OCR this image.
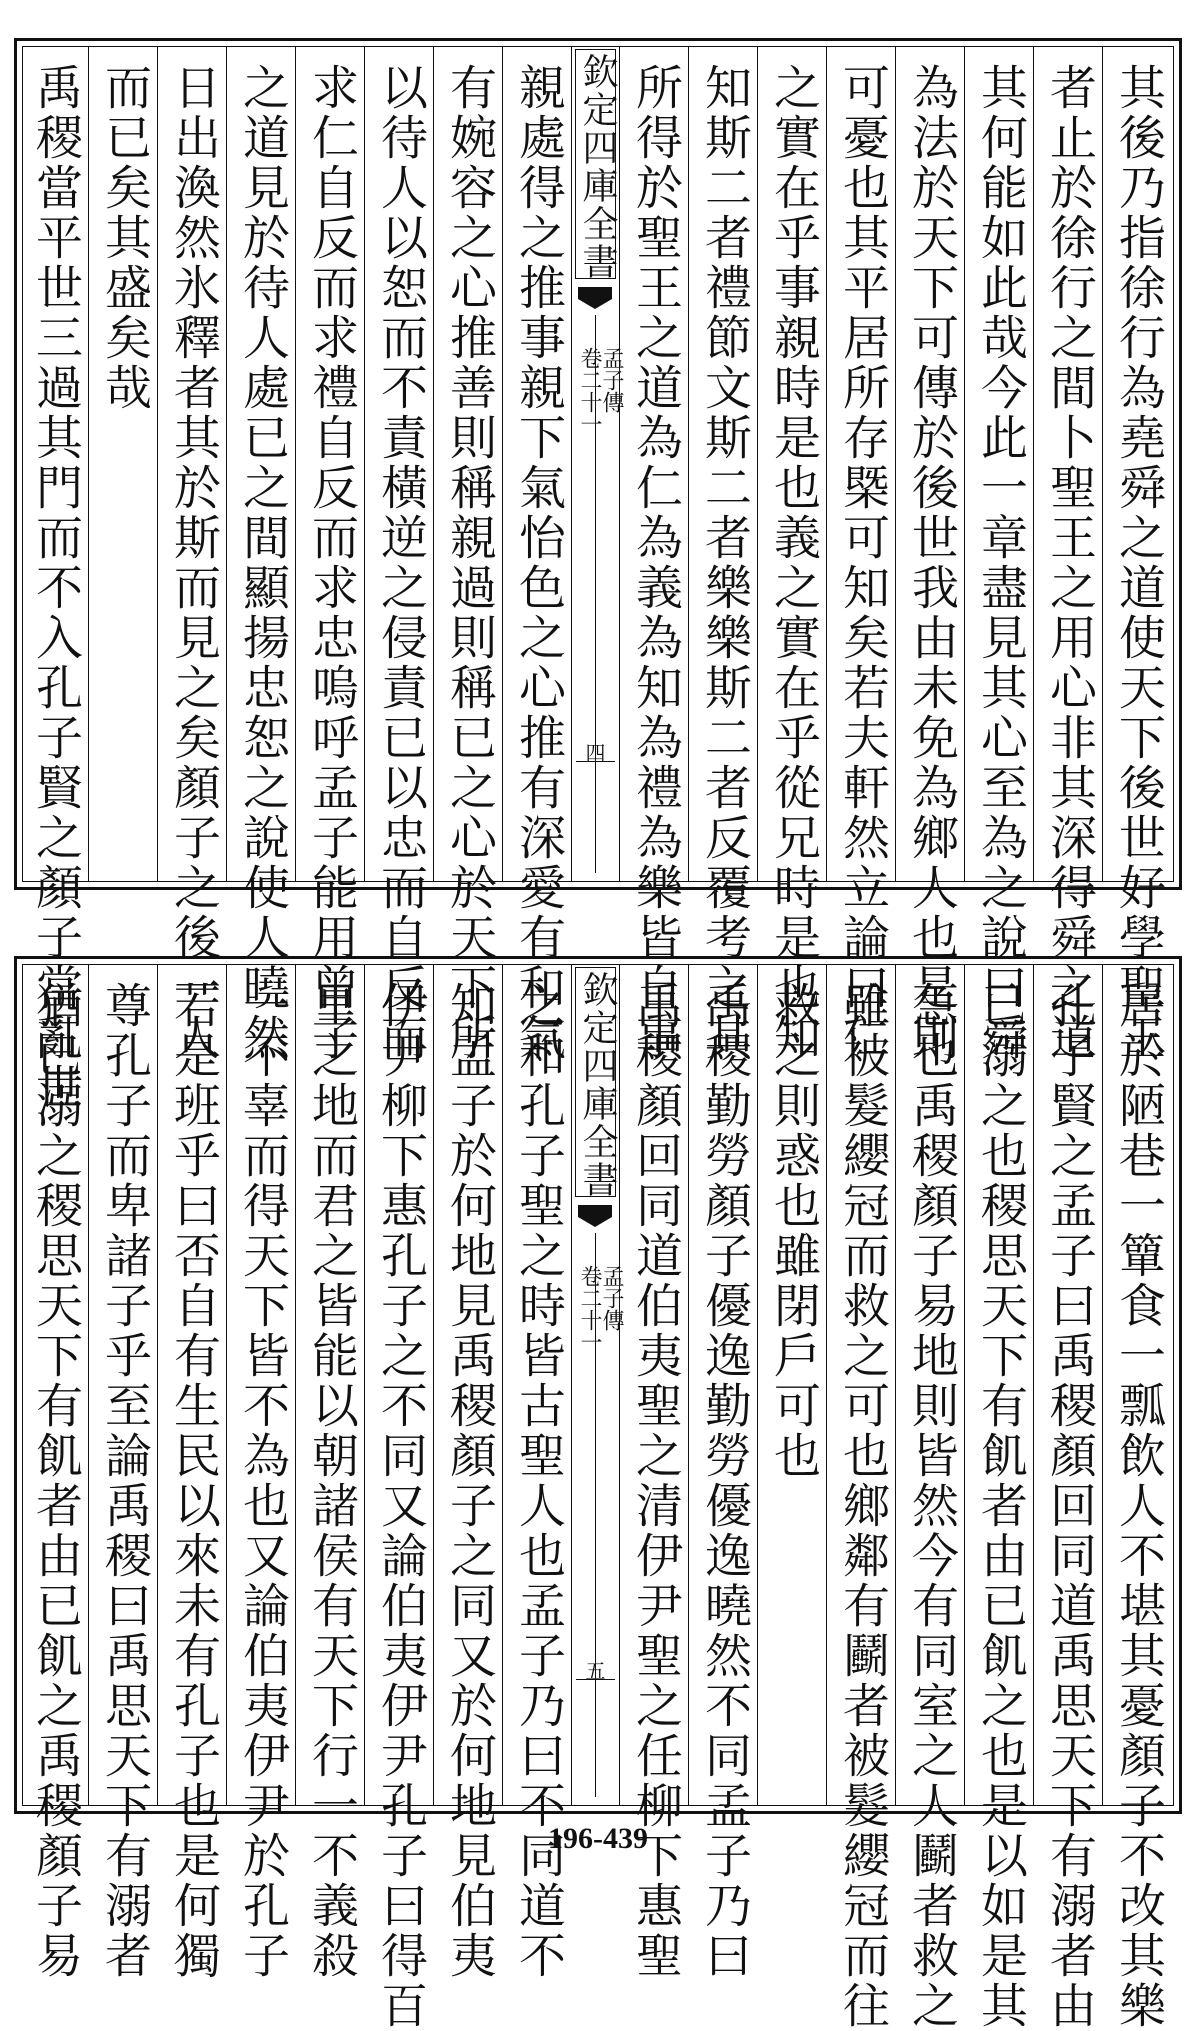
其後乃指徐行為堯舜之道使天下後世好學聖王
者止於徐行之間卜聖王之用心非其深得舜之道
其何能如此哉今此一章盡見其心至為之說曰舜
為法於天下可傳於後世我由未免為鄉人也是則
可憂也其平居所存槩可知矣若夫軒然立論曰仁
之實在乎事親時是也義之實在乎從兄時是也知
知斯二者禮節文斯二者樂樂斯二者反覆考之其
所得於聖王之道為仁為義為知為禮為樂皆自事
欽定四庫全書
孟子傳
卷二十一
四
親處得之推事親下氣怡色之心推有深愛有和氣
有婉容之心推善則稱親過則稱已之心於天下所
以待人以恕而不責橫逆之侵責已以忠而自反而
求仁自反而求禮自反而求忠嗚呼孟子能用曾子
之道見於待人處已之間顯揚忠恕之說使人曉然
日出渙然氷釋者其於斯而見之矣顏子之後一人
而已矣其盛矣哉
禹稷當平世三過其門而不入孔子賢之顏子當亂世
居於陋巷一簞食一瓢飲人不堪其憂顏子不改其樂
孔子賢之孟子曰禹稷顏回同道禹思天下有溺者由
已溺之也稷思天下有飢者由已飢之也是以如是其
急也禹稷顏子易地則皆然今有同室之人鬬者救之
雖被髮纓冠而救之可也鄉鄰有鬬者被髮纓冠而往
救之則惑也雖閉戶可也
禹稷勤勞顏子優逸勤勞優逸曉然不同孟子乃曰
禹稷顏回同道伯夷聖之清伊尹聖之任柳下惠聖
欽定四庫全書
孟子傳
卷二十一
五
之和孔子聖之時皆古聖人也孟子乃曰不同道不
知孟子於何地見禹稷顏子之同又於何地見伯夷
伊尹柳下惠孔子之不同又論伯夷伊尹孔子曰得百
里之地而君之皆能以朝諸侯有天下行一不義殺
一不辜而得天下皆不為也又論伯夷伊尹於孔子
若是班乎曰否自有生民以來未有孔子也是何獨
尊孔子而卑諸子乎至論禹稷曰禹思天下有溺者
猶已溺之稷思天下有飢者由已飢之禹稷顏子易	196-439
